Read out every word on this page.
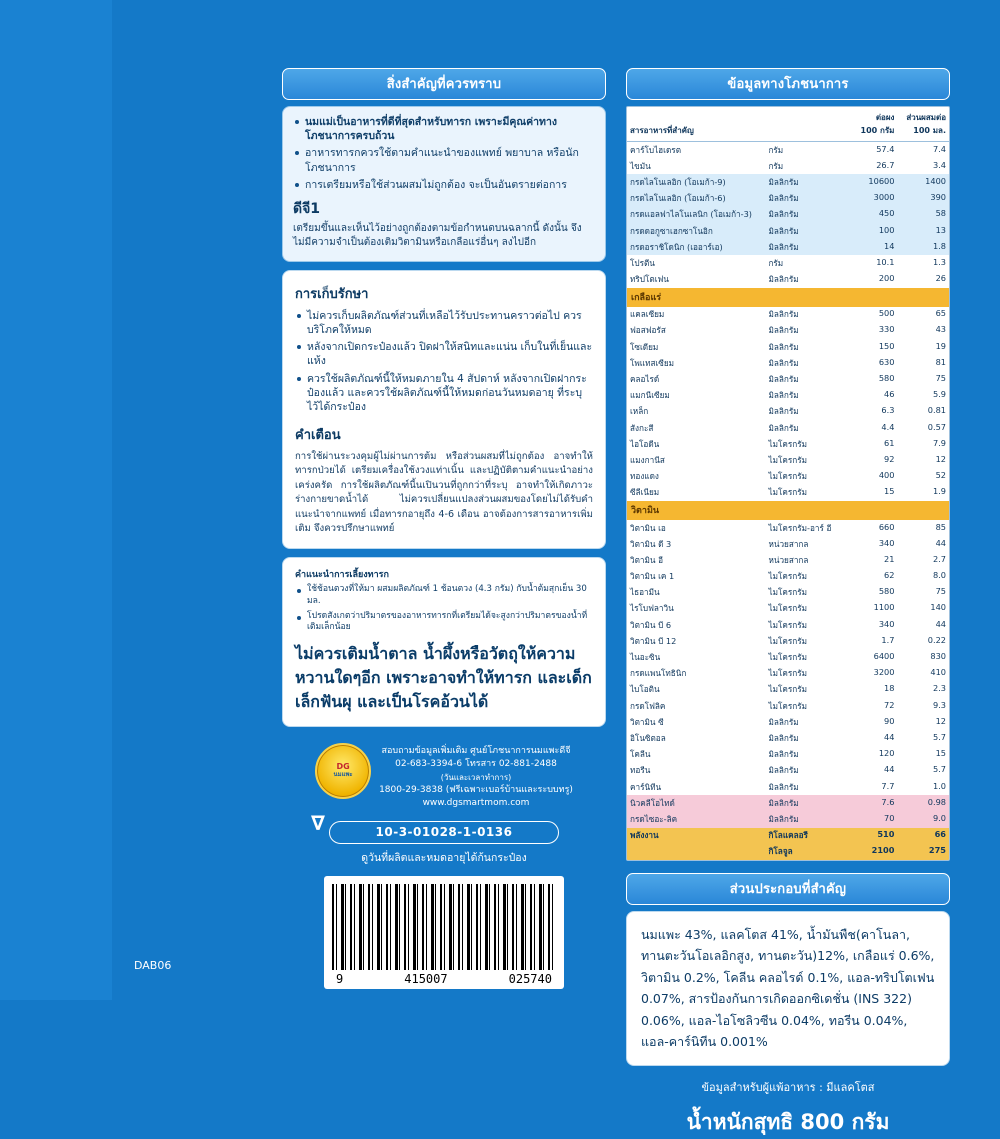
สิ่งสำคัญที่ควรทราบ
นมแม่เป็นอาหารที่ดีที่สุดสำหรับทารก เพราะมีคุณค่าทางโภชนาการครบถ้วน
อาหารทารกควรใช้ตามคำแนะนำของแพทย์ พยาบาล หรือนักโภชนาการ
การเตรียมหรือใช้ส่วนผสมไม่ถูกต้อง จะเป็นอันตรายต่อการ
ดีจี1
เตรียมขึ้นและเห็นไว้อย่างถูกต้องตามข้อกำหนดบนฉลากนี้ ดังนั้น จึงไม่มีความจำเป็นต้องเติมวิตามินหรือเกลือแร่อื่นๆ ลงไปอีก
การเก็บรักษา
ไม่ควรเก็บผลิตภัณฑ์ส่วนที่เหลือไว้รับประทานคราวต่อไป ควรบริโภคให้หมด
หลังจากเปิดกระป๋องแล้ว ปิดฝาให้สนิทและแน่น เก็บในที่เย็นและแห้ง
ควรใช้ผลิตภัณฑ์นี้ให้หมดภายใน 4 สัปดาห์ หลังจากเปิดฝากระป๋องแล้ว และควรใช้ผลิตภัณฑ์นี้ให้หมดก่อนวันหมดอายุ ที่ระบุไว้ได้กระป๋อง
คำเตือน
การใช้ผ่านระวงคุมผู้ไม่ผ่านการต้ม หรือส่วนผสมที่ไม่ถูกต้อง อาจทำให้ทารกป่วยได้ เตรียมเครื่องใช้งวงแท่าเนิ้น และปฏิบัติตามคำแนะนำอย่างเคร่งครัด การใช้ผลิตภัณฑ์นี้นเปินวนที่ถูกกว่าที่ระบุ อาจทำให้เกิดภาวะร่างกายขาดน้ำได้ ไม่ควรเปลี่ยนแปลงส่วนผสมของโดยไม่ได้รับคำแนะนำจากแพทย์ เมื่อทารกอายุถึง 4-6 เดือน อาจต้องการสารอาหารเพิ่มเติม จึงควรปรึกษาแพทย์
คำแนะนำการเลี้ยงทารก
ใช้ช้อนตวงที่ให้มา ผสมผลิตภัณฑ์ 1 ช้อนตวง (4.3 กรัม) กับน้ำต้มสุกเย็น 30 มล.
โปรดสังเกตว่าปริมาตรของอาหารทารกที่เตรียมได้จะสูงกว่าปริมาตรของน้ำที่เติมเล็กน้อย
ไม่ควรเติมน้ำตาล น้ำผึ้งหรือวัตถุให้ความหวานใดๆอีก เพราะอาจทำให้ทารก และเด็กเล็กฟันผุ และเป็นโรคอ้วนได้
DG
นมแพะ
สอบถามข้อมูลเพิ่มเติม ศูนย์โภชนาการนมแพะดีจี
02-683-3394-6 โทรสาร 02-881-2488
(วันและเวลาทำการ)
1800-29-3838 (ฟรีเฉพาะเบอร์บ้านและระบบทรู)
www.dgsmartmom.com
∇	10-3-01028-1-0136
ดูวันที่ผลิตและหมดอายุได้ก้นกระป๋อง
9	415007	025740
ข้อมูลทางโภชนาการ
สารอาหารที่สำคัญ	
ต่อผง
100 กรัม

ส่วนผสมต่อ
100 มล.

คาร์โบไฮเดรต	กรัม	57.4	7.4
ไขมัน	กรัม	26.7	3.4
กรดไลโนเลอิก (โอเมก้า-9)	มิลลิกรัม	10600	1400
กรดไลโนเลอิก (โอเมก้า-6)	มิลลิกรัม	3000	390
กรดแอลฟาไลโนเลนิก (โอเมก้า-3)	มิลลิกรัม	450	58
กรดดอกูซาเฮกซาโนอิก	มิลลิกรัม	100	13
กรดอราชิโดนิก (เออาร์เอ)	มิลลิกรัม	14	1.8
โปรตีน	กรัม	10.1	1.3
ทริปโตเฟน	มิลลิกรัม	200	26
เกลือแร่			
แคลเซียม	มิลลิกรัม	500	65
ฟอสฟอรัส	มิลลิกรัม	330	43
โซเดียม	มิลลิกรัม	150	19
โพแทสเซียม	มิลลิกรัม	630	81
คลอไรด์	มิลลิกรัม	580	75
แมกนีเซียม	มิลลิกรัม	46	5.9
เหล็ก	มิลลิกรัม	6.3	0.81
สังกะสี	มิลลิกรัม	4.4	0.57
ไอโอดีน	ไมโครกรัม	61	7.9
แมงกานีส	ไมโครกรัม	92	12
ทองแดง	ไมโครกรัม	400	52
ซีลีเนียม	ไมโครกรัม	15	1.9
วิตามิน			
วิตามิน เอ	ไมโครกรัม-อาร์ อี	660	85
วิตามิน ดี 3	หน่วยสากล	340	44
วิตามิน อี	หน่วยสากล	21	2.7
วิตามิน เค 1	ไมโครกรัม	62	8.0
ไธอามีน	ไมโครกรัม	580	75
ไรโบฟลาวิน	ไมโครกรัม	1100	140
วิตามิน บี 6	ไมโครกรัม	340	44
วิตามิน บี 12	ไมโครกรัม	1.7	0.22
ไนอะซิน	ไมโครกรัม	6400	830
กรดแพนโทธินิก	ไมโครกรัม	3200	410
ไบโอติน	ไมโครกรัม	18	2.3
กรดโฟลิค	ไมโครกรัม	72	9.3
วิตามิน ซี	มิลลิกรัม	90	12
อิโนซิตอล	มิลลิกรัม	44	5.7
โคลีน	มิลลิกรัม	120	15
ทอรีน	มิลลิกรัม	44	5.7
คาร์นิทีน	มิลลิกรัม	7.7	1.0
นิวคลีโอไทด์	มิลลิกรัม	7.6	0.98
กรดไซอะ-ลิค	มิลลิกรัม	70	9.0
พลังงาน	กิโลแคลอรี	510	66
	กิโลจูล	2100	275
ส่วนประกอบที่สำคัญ

นมแพะ 43%, แลคโตส 41%, น้ำมันพืช(คาโนลา, ทานตะวันโอเลอิกสูง, ทานตะวัน)12%, เกลือแร่ 0.6%, วิตามิน 0.2%, โคลีน คลอไรด์ 0.1%, แอล-ทริปโตเฟน 0.07%, สารป้องกันการเกิดออกซิเดชั่น (INS 322) 0.06%, แอล-ไอโซลิวซีน 0.04%, ทอรีน 0.04%, แอล-คาร์นิทีน 0.001%

ข้อมูลสำหรับผู้แพ้อาหาร : มีแลคโตส
น้ำหนักสุทธิ 800 กรัม
DAB06
